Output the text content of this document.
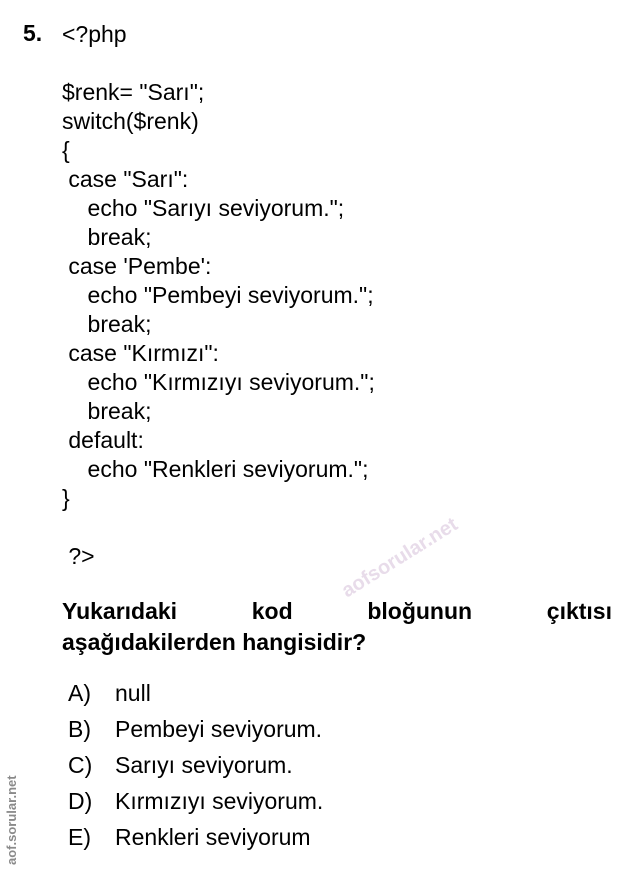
5. <?php
$renk= "Sarı";
switch($renk)
{
case "Sarı":
echo "Sarıyı seviyorum.";
break;
case 'Pembe':
echo "Pembeyi seviyorum.";
break;
case "Kırmızı":
echo "Kırmızıyı seviyorum.";
break;
default:
echo "Renkleri seviyorum.";
}
?>	aofsorular.net
Yukarıdaki	kod	bloğunun	çıktısı
aşağıdakilerden hangisidir?
A)	null
B)	Pembeyi seviyorum.
C) Sarıyı seviyorum.
D) Kırmızıyı seviyorum.
E)	Renkleri seviyorum
aof.sorular.net
